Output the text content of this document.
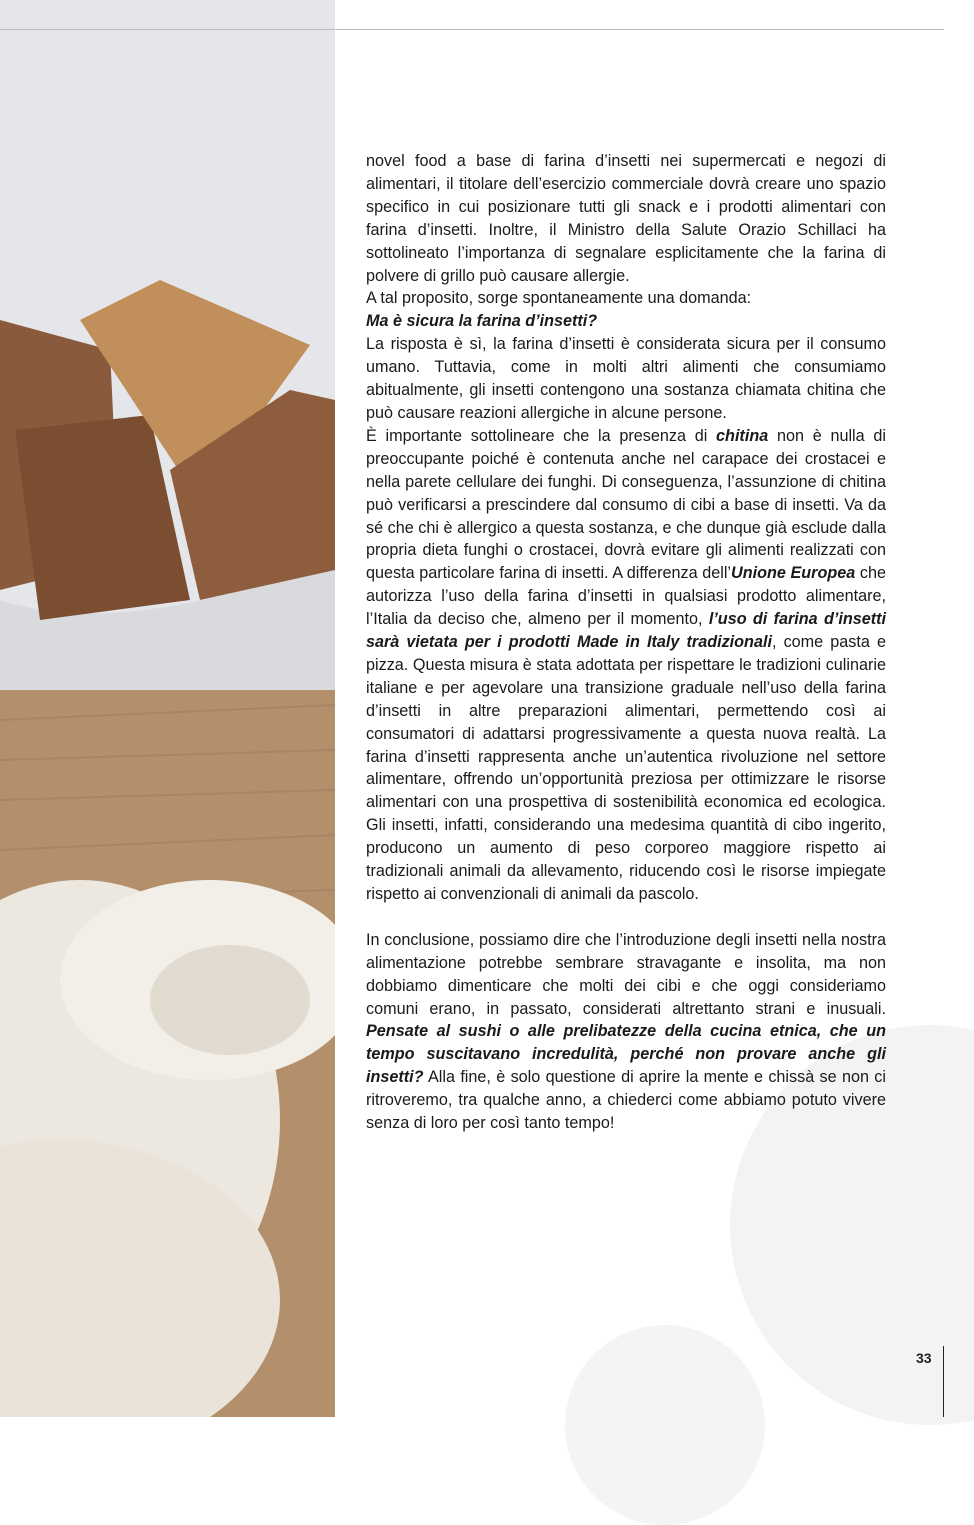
novel food a base di farina d’insetti nei supermercati e negozi di alimentari, il titolare dell’esercizio commerciale dovrà creare uno spazio specifico in cui posizionare tutti gli snack e i prodotti alimentari con farina d’insetti. Inoltre, il Ministro della Salute Orazio Schillaci ha sottolineato l’importanza di segnalare esplicitamente che la farina di polvere di grillo può causare allergie.

A tal proposito, sorge spontaneamente una domanda:

Ma è sicura la farina d’insetti?

La risposta è sì, la farina d’insetti è considerata sicura per il consumo umano. Tuttavia, come in molti altri alimenti che consumiamo abitualmente, gli insetti contengono una sostanza chiamata chitina che può causare reazioni allergiche in alcune persone.

È importante sottolineare che la presenza di chitina non è nulla di preoccupante poiché è contenuta anche nel carapace dei crostacei e nella parete cellulare dei funghi. Di conseguenza, l’assunzione di chitina può verificarsi a prescindere dal consumo di cibi a base di insetti. Va da sé che chi è allergico a questa sostanza, e che dunque già esclude dalla propria dieta funghi o crostacei, dovrà evitare gli alimenti realizzati con questa particolare farina di insetti. A differenza dell’Unione Europea che autorizza l’uso della farina d’insetti in qualsiasi prodotto alimentare, l’Italia da deciso che, almeno per il momento, l’uso di farina d’insetti sarà vietata per i prodotti Made in Italy tradizionali, come pasta e pizza. Questa misura è stata adottata per rispettare le tradizioni culinarie italiane e per agevolare una transizione graduale nell’uso della farina d’insetti in altre preparazioni alimentari, permettendo così ai consumatori di adattarsi progressivamente a questa nuova realtà. La farina d’insetti rappresenta anche un’autentica rivoluzione nel settore alimentare, offrendo un’opportunità preziosa per ottimizzare le risorse alimentari con una prospettiva di sostenibilità economica ed ecologica. Gli insetti, infatti, considerando una medesima quantità di cibo ingerito, producono un aumento di peso corporeo maggiore rispetto ai tradizionali animali da allevamento, riducendo così le risorse impiegate rispetto ai convenzionali di animali da pascolo.

In conclusione, possiamo dire che l’introduzione degli insetti nella nostra alimentazione potrebbe sembrare stravagante e insolita, ma non dobbiamo dimenticare che molti dei cibi e che oggi consideriamo comuni erano, in passato, considerati altrettanto strani e inusuali. Pensate al sushi o alle prelibatezze della cucina etnica, che un tempo suscitavano incredulità, perché non provare anche gli insetti? Alla fine, è solo questione di aprire la mente e chissà se non ci ritroveremo, tra qualche anno, a chiederci come abbiamo potuto vivere senza di loro per così tanto tempo!

33
